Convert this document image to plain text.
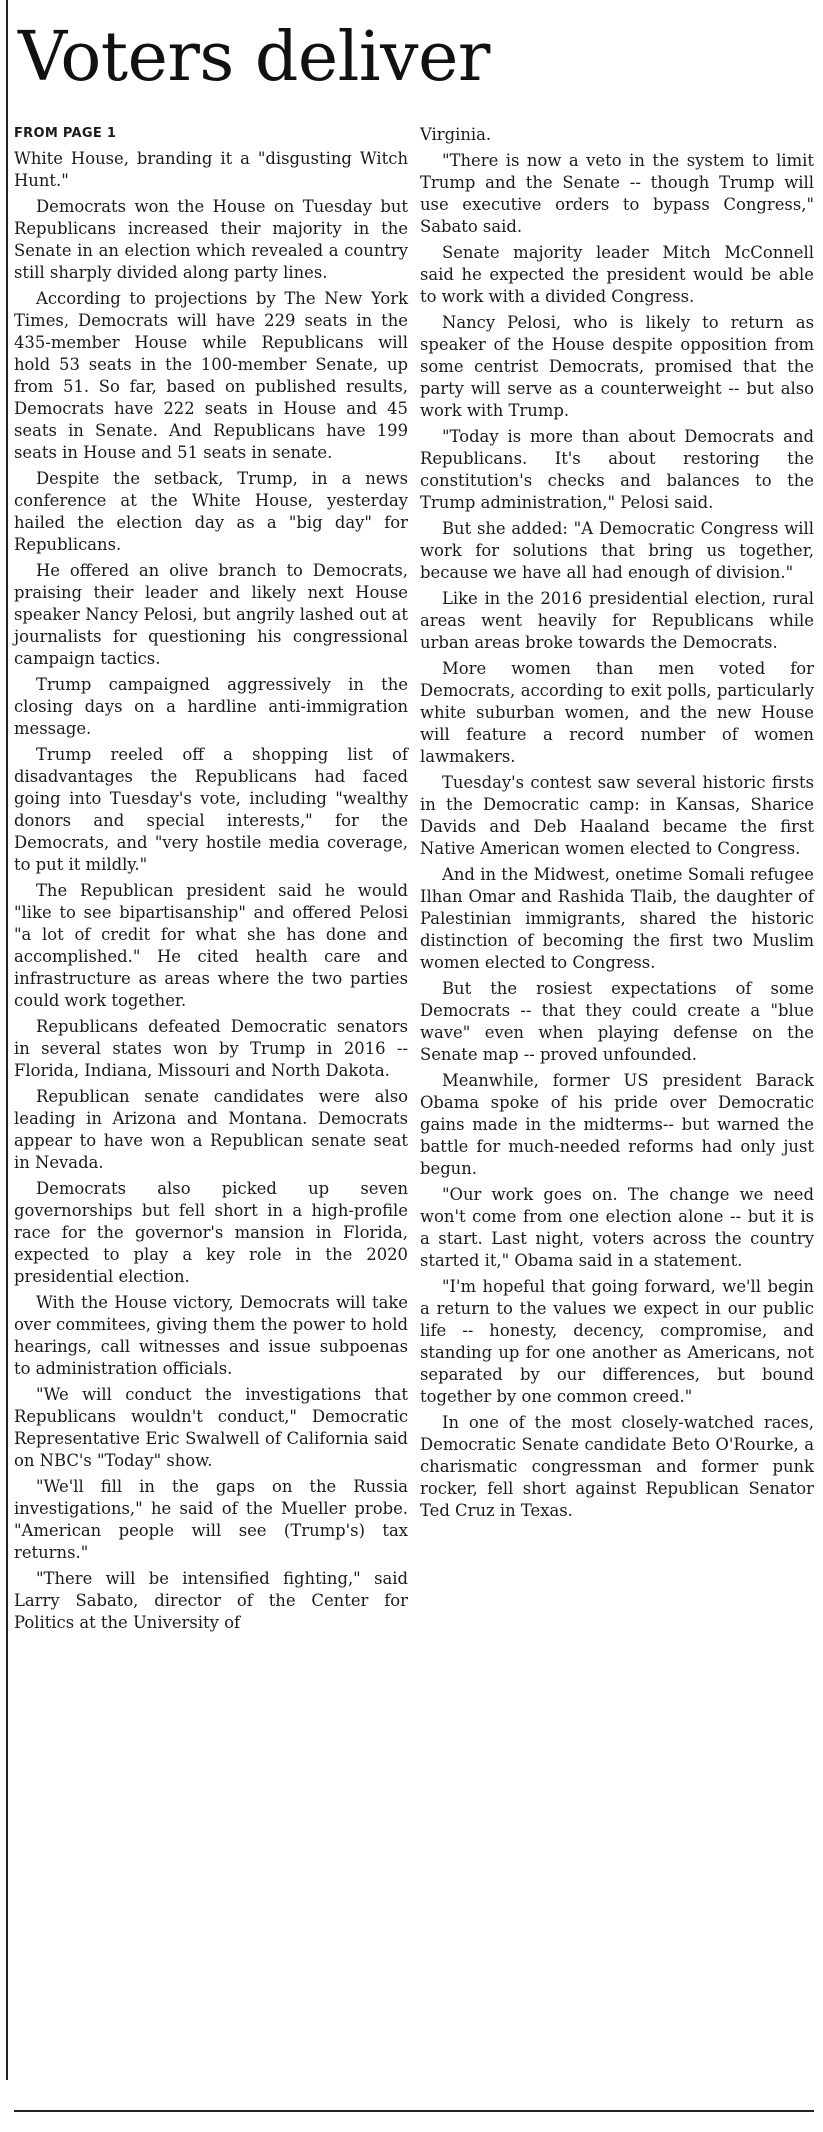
Voters deliver

FROM PAGE 1

White House, branding it a "disgusting Witch Hunt."

Democrats won the House on Tuesday but Republicans increased their majority in the Senate in an election which revealed a country still sharply divided along party lines.

According to projections by The New York Times, Democrats will have 229 seats in the 435-member House while Republicans will hold 53 seats in the 100-member Senate, up from 51. So far, based on published results, Democrats have 222 seats in House and 45 seats in Senate. And Republicans have 199 seats in House and 51 seats in senate.

Despite the setback, Trump, in a news conference at the White House, yesterday hailed the election day as a "big day" for Republicans.

He offered an olive branch to Democrats, praising their leader and likely next House speaker Nancy Pelosi, but angrily lashed out at journalists for questioning his congressional campaign tactics.

Trump campaigned aggressively in the closing days on a hardline anti-immigration message.

Trump reeled off a shopping list of disadvantages the Republicans had faced going into Tuesday's vote, including "wealthy donors and special interests," for the Democrats, and "very hostile media coverage, to put it mildly."

The Republican president said he would "like to see bipartisanship" and offered Pelosi "a lot of credit for what she has done and accomplished." He cited health care and infrastructure as areas where the two parties could work together.

Republicans defeated Democratic senators in several states won by Trump in 2016 -- Florida, Indiana, Missouri and North Dakota.

Republican senate candidates were also leading in Arizona and Montana. Democrats appear to have won a Republican senate seat in Nevada.

Democrats also picked up seven governorships but fell short in a high-profile race for the governor's mansion in Florida, expected to play a key role in the 2020 presidential election.

With the House victory, Democrats will take over commitees, giving them the power to hold hearings, call witnesses and issue subpoenas to administration officials.

"We will conduct the investigations that Republicans wouldn't conduct," Democratic Representative Eric Swalwell of California said on NBC's "Today" show.

"We'll fill in the gaps on the Russia investigations," he said of the Mueller probe. "American people will see (Trump's) tax returns."

"There will be intensified fighting," said Larry Sabato, director of the Center for Politics at the University of

Virginia.

"There is now a veto in the system to limit Trump and the Senate -- though Trump will use executive orders to bypass Congress," Sabato said.

Senate majority leader Mitch McConnell said he expected the president would be able to work with a divided Congress.

Nancy Pelosi, who is likely to return as speaker of the House despite opposition from some centrist Democrats, promised that the party will serve as a counterweight -- but also work with Trump.

"Today is more than about Democrats and Republicans. It's about restoring the constitution's checks and balances to the Trump administration," Pelosi said.

But she added: "A Democratic Congress will work for solutions that bring us together, because we have all had enough of division."

Like in the 2016 presidential election, rural areas went heavily for Republicans while urban areas broke towards the Democrats.

More women than men voted for Democrats, according to exit polls, particularly white suburban women, and the new House will feature a record number of women lawmakers.

Tuesday's contest saw several historic firsts in the Democratic camp: in Kansas, Sharice Davids and Deb Haaland became the first Native American women elected to Congress.

And in the Midwest, onetime Somali refugee Ilhan Omar and Rashida Tlaib, the daughter of Palestinian immigrants, shared the historic distinction of becoming the first two Muslim women elected to Congress.

But the rosiest expectations of some Democrats -- that they could create a "blue wave" even when playing defense on the Senate map -- proved unfounded.

Meanwhile, former US president Barack Obama spoke of his pride over Democratic gains made in the midterms-- but warned the battle for much-needed reforms had only just begun.

"Our work goes on. The change we need won't come from one election alone -- but it is a start. Last night, voters across the country started it," Obama said in a statement.

"I'm hopeful that going forward, we'll begin a return to the values we expect in our public life -- honesty, decency, compromise, and standing up for one another as Americans, not separated by our differences, but bound together by one common creed."

In one of the most closely-watched races, Democratic Senate candidate Beto O'Rourke, a charismatic congressman and former punk rocker, fell short against Republican Senator Ted Cruz in Texas.
